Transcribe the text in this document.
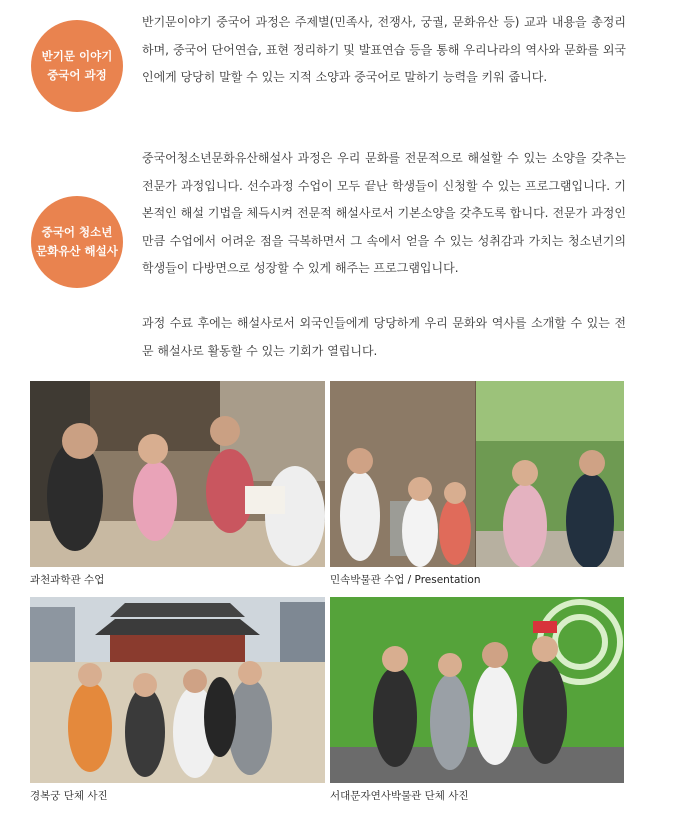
반기문 이야기
중국어 과정

반기문이야기 중국어 과정은 주제별(민족사, 전쟁사, 궁궐, 문화유산 등) 교과 내용을 총정리하며, 중국어 단어연습, 표현 정리하기 및 발표연습 등을 통해 우리나라의 역사와 문화를 외국인에게 당당히 말할 수 있는 지적 소양과 중국어로 말하기 능력을 키워 줍니다.

중국어 청소년
문화유산 해설사

중국어청소년문화유산해설사 과정은 우리 문화를 전문적으로 해설할 수 있는 소양을 갖추는 전문가 과정입니다. 선수과정 수업이 모두 끝난 학생들이 신청할 수 있는 프로그램입니다. 기본적인 해설 기법을 체득시켜 전문적 해설사로서 기본소양을 갖추도록 합니다. 전문가 과정인 만큼 수업에서 어려운 점을 극복하면서 그 속에서 얻을 수 있는 성취감과 가치는 청소년기의 학생들이 다방면으로 성장할 수 있게 해주는 프로그램입니다.

과정 수료 후에는 해설사로서 외국인들에게 당당하게 우리 문화와 역사를 소개할 수 있는 전문 해설사로 활동할 수 있는 기회가 열립니다.

과천과학관 수업	민속박물관 수업 / Presentation
경복궁 단체 사진	서대문자연사박물관 단체 사진
